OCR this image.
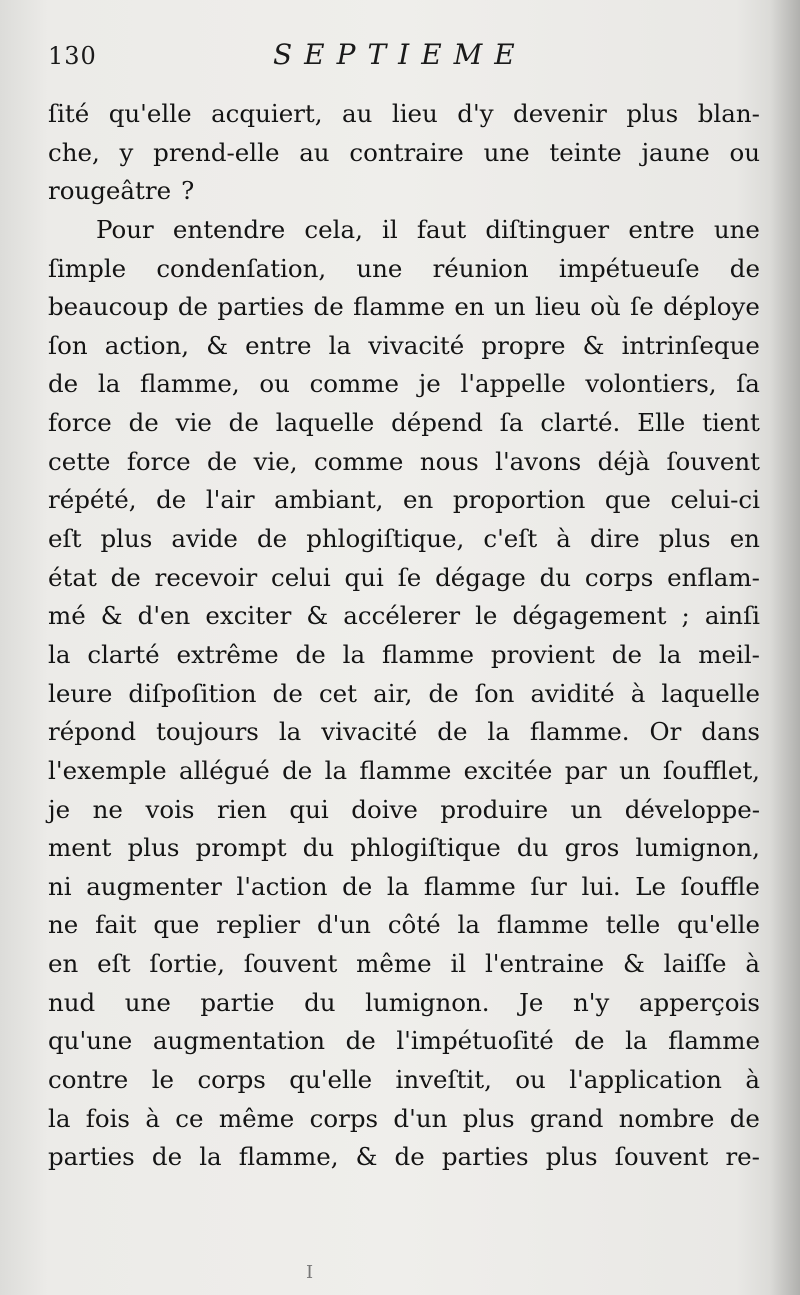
130	SEPTIEME
ſité qu'elle acquiert, au lieu d'y devenir plus blan-
che, y prend-elle au contraire une teinte jaune ou
rougeâtre ?
Pour entendre cela, il faut diſtinguer entre une
ſimple condenſation, une réunion impétueuſe de
beaucoup de parties de flamme en un lieu où ſe déploye
ſon action, & entre la vivacité propre & intrinſeque
de la flamme, ou comme je l'appelle volontiers, ſa
force de vie de laquelle dépend ſa clarté. Elle tient
cette force de vie, comme nous l'avons déjà ſouvent
répété, de l'air ambiant, en proportion que celui-ci
eſt plus avide de phlogiſtique, c'eſt à dire plus en
état de recevoir celui qui ſe dégage du corps enflam-
mé & d'en exciter & accélerer le dégagement ; ainſi
la clarté extrême de la flamme provient de la meil-
leure diſpoſition de cet air, de ſon avidité à laquelle
répond toujours la vivacité de la flamme. Or dans
l'exemple allégué de la flamme excitée par un ſoufflet,
je ne vois rien qui doive produire un développe-
ment plus prompt du phlogiſtique du gros lumignon,
ni augmenter l'action de la flamme ſur lui. Le ſouffle
ne fait que replier d'un côté la flamme telle qu'elle
en eſt ſortie, ſouvent même il l'entraine & laiſſe à
nud une partie du lumignon. Je n'y apperçois
qu'une augmentation de l'impétuoſité de la flamme
contre le corps qu'elle inveſtit, ou l'application à
la fois à ce même corps d'un plus grand nombre de
parties de la flamme, & de parties plus ſouvent re-
I
